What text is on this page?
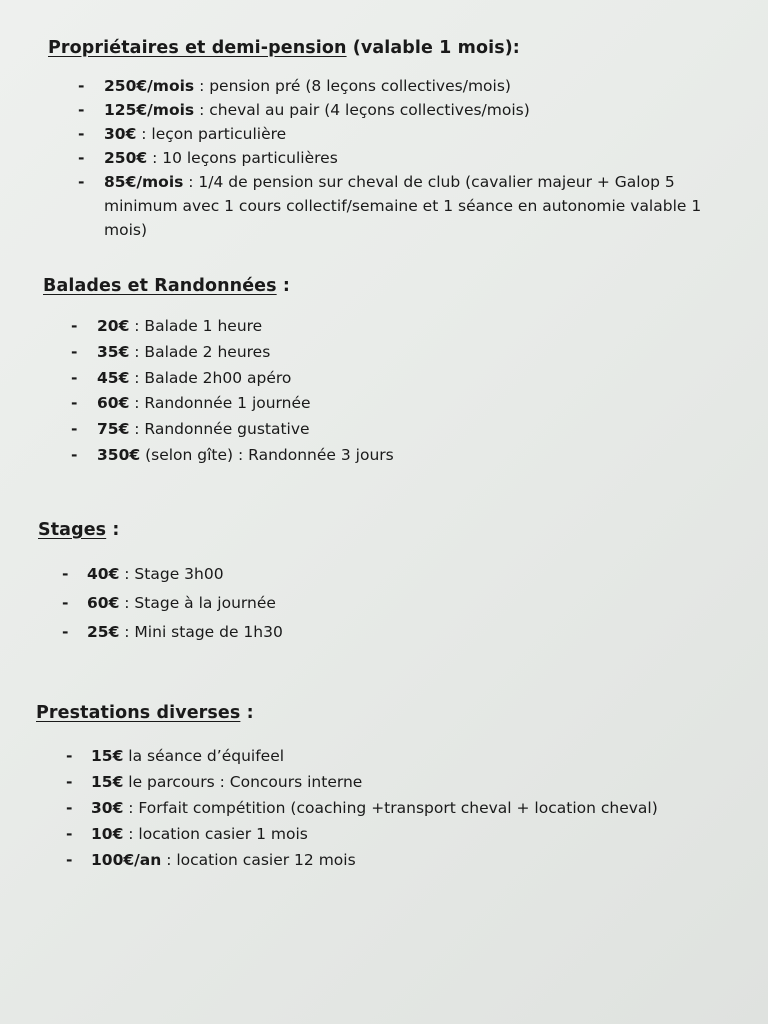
Propriétaires et demi-pension (valable 1 mois):
- 250€/mois : pension pré (8 leçons collectives/mois)
- 125€/mois : cheval au pair (4 leçons collectives/mois)
- 30€ : leçon particulière
- 250€ : 10 leçons particulières
- 85€/mois : 1/4 de pension sur cheval de club (cavalier majeur + Galop 5 minimum avec 1 cours collectif/semaine et 1 séance en autonomie valable 1 mois)
Balades et Randonnées :
- 20€ : Balade 1 heure
- 35€ : Balade 2 heures
- 45€ : Balade 2h00 apéro
- 60€ : Randonnée 1 journée
- 75€ : Randonnée gustative
- 350€ (selon gîte) : Randonnée 3 jours
Stages :
- 40€ : Stage 3h00
- 60€ : Stage à la journée
- 25€ : Mini stage de 1h30
Prestations diverses :
- 15€ la séance d’équifeel
- 15€ le parcours : Concours interne
- 30€ : Forfait compétition (coaching +transport cheval + location cheval)
- 10€ : location casier 1 mois
- 100€/an : location casier 12 mois
